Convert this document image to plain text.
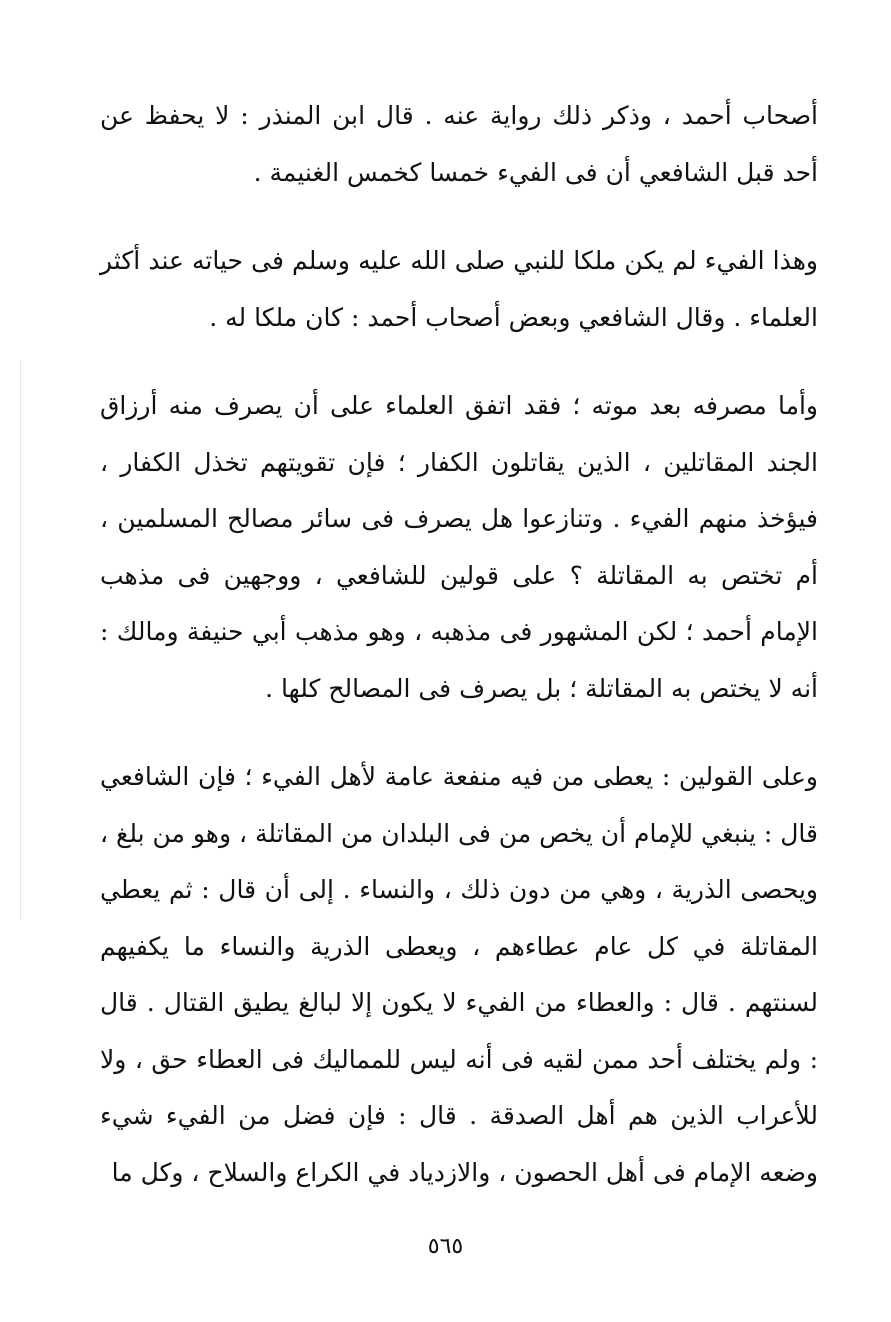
أصحاب أحمد ، وذكر ذلك رواية عنه . قال ابن المنذر : لا يحفظ عن أحد قبل الشافعي أن فى الفيء خمسا كخمس الغنيمة .

وهذا الفيء لم يكن ملكا للنبي صلى الله عليه وسلم فى حياته عند أكثر العلماء . وقال الشافعي وبعض أصحاب أحمد : كان ملكا له .

وأما مصرفه بعد موته ؛ فقد اتفق العلماء على أن يصرف منه أرزاق الجند المقاتلين ، الذين يقاتلون الكفار ؛ فإن تقويتهم تخذل الكفار ، فيؤخذ منهم الفيء . وتنازعوا هل يصرف فى سائر مصالح المسلمين ، أم تختص به المقاتلة ؟ على قولين للشافعي ، ووجهين فى مذهب الإمام أحمد ؛ لكن المشهور فى مذهبه ، وهو مذهب أبي حنيفة ومالك : أنه لا يختص به المقاتلة ؛ بل يصرف فى المصالح كلها .

وعلى القولين : يعطى من فيه منفعة عامة لأهل الفيء ؛ فإن الشافعي قال : ينبغي للإمام أن يخص من فى البلدان من المقاتلة ، وهو من بلغ ، ويحصى الذرية ، وهي من دون ذلك ، والنساء . إلى أن قال : ثم يعطي المقاتلة في كل عام عطاءهم ، ويعطى الذرية والنساء ما يكفيهم لسنتهم . قال : والعطاء من الفيء لا يكون إلا لبالغ يطيق القتال . قال : ولم يختلف أحد ممن لقيه فى أنه ليس للمماليك فى العطاء حق ، ولا للأعراب الذين هم أهل الصدقة . قال : فإن فضل من الفيء شيء وضعه الإمام فى أهل الحصون ، والازدياد في الكراع والسلاح ، وكل ما

٥٦٥
